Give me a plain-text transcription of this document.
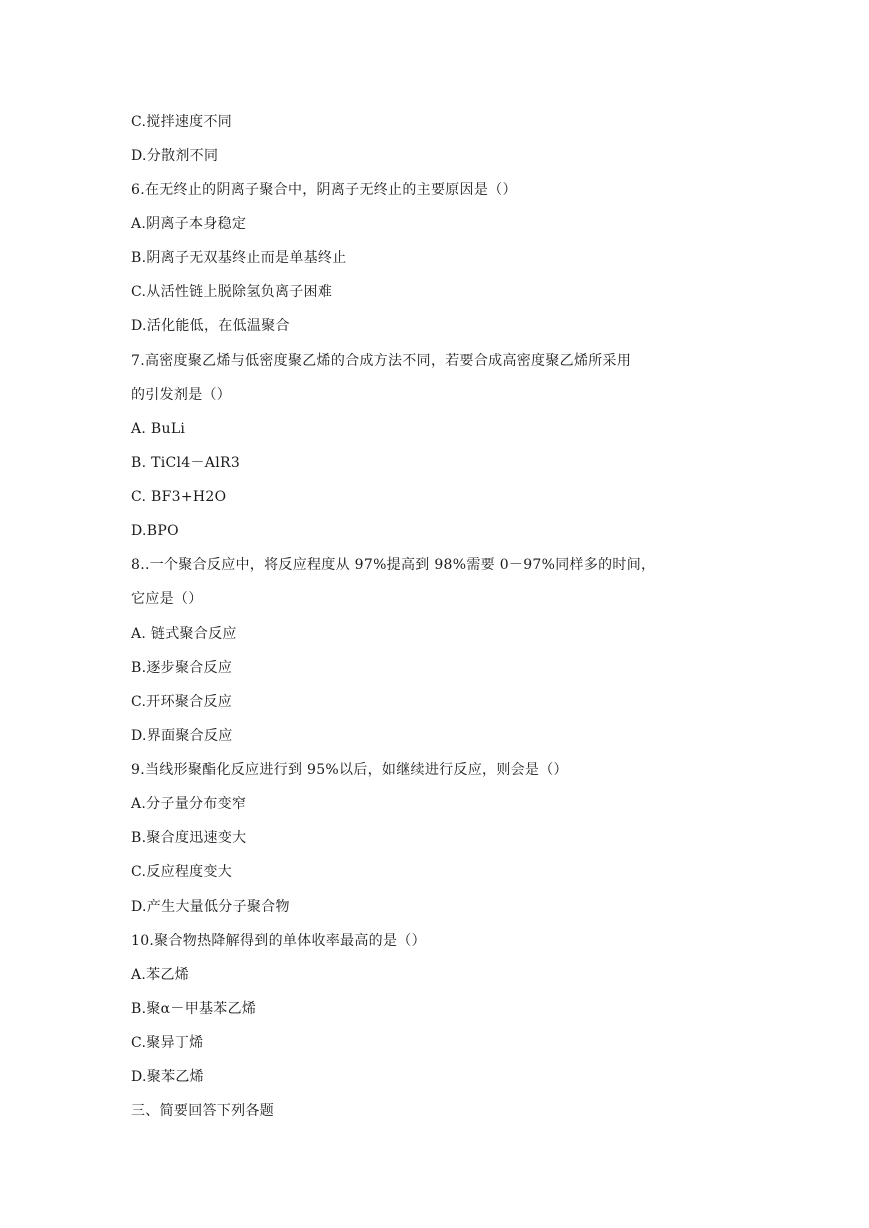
C.搅拌速度不同
D.分散剂不同
6.在无终止的阴离子聚合中，阴离子无终止的主要原因是（）
A.阴离子本身稳定
B.阴离子无双基终止而是单基终止
C.从活性链上脱除氢负离子困难
D.活化能低，在低温聚合
7.高密度聚乙烯与低密度聚乙烯的合成方法不同，若要合成高密度聚乙烯所采用
的引发剂是（）
A. BuLi
B. TiCl4－AlR3
C. BF3+H2O
D.BPO
8..一个聚合反应中，将反应程度从 97%提高到 98%需要 0－97%同样多的时间，
它应是（）
A. 链式聚合反应
B.逐步聚合反应
C.开环聚合反应
D.界面聚合反应
9.当线形聚酯化反应进行到 95%以后，如继续进行反应，则会是（）
A.分子量分布变窄
B.聚合度迅速变大
C.反应程度变大
D.产生大量低分子聚合物
10.聚合物热降解得到的单体收率最高的是（）
A.苯乙烯
B.聚α－甲基苯乙烯
C.聚异丁烯
D.聚苯乙烯
三、简要回答下列各题
